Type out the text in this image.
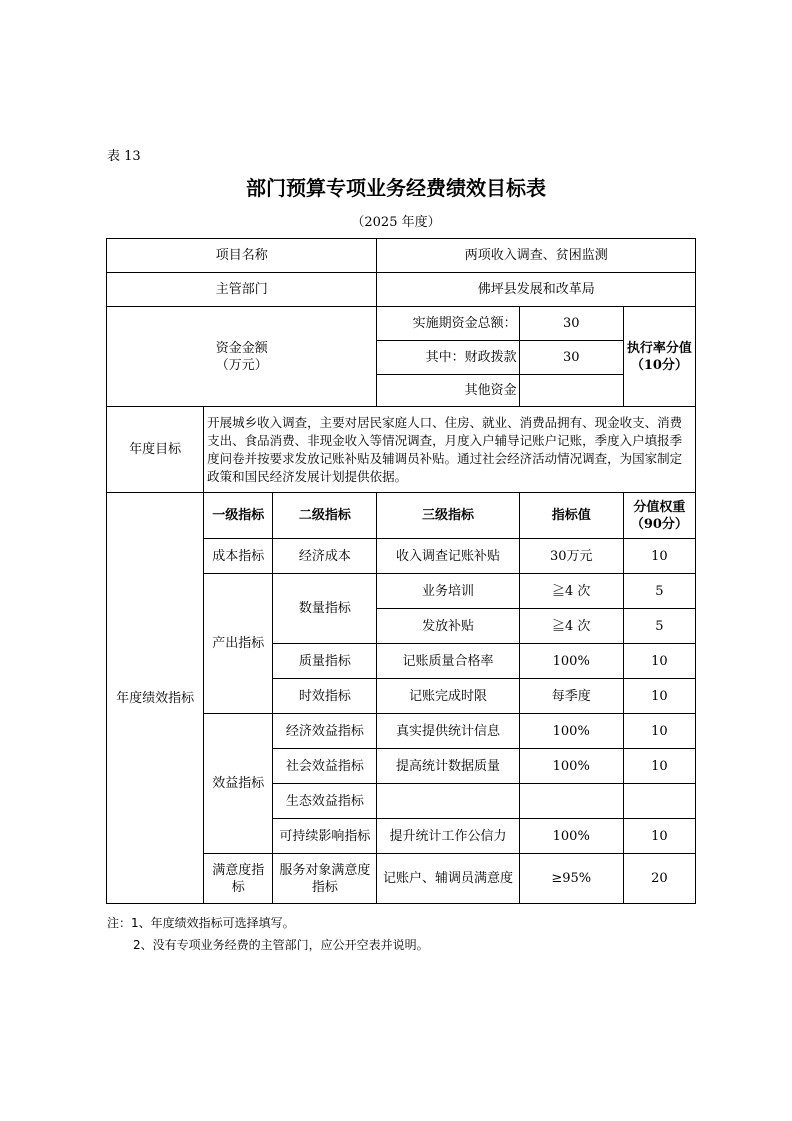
表 13
部门预算专项业务经费绩效目标表
（2025 年度）
项目名称			两项收入调查、贫困监测		
主管部门			佛坪县发展和改革局		
资金金额
（万元）			实施期资金总额：	30	执行率分值（10分）
			其中：财政拨款	30	
			其他资金		
年度目标	开展城乡收入调查，主要对居民家庭人口、住房、就业、消费品拥有、现金收支、消费支出、食品消费、非现金收入等情况调查，月度入户辅导记账户记账，季度入户填报季度问卷并按要求发放记账补贴及辅调员补贴。通过社会经济活动情况调查，为国家制定政策和国民经济发展计划提供依据。				
年度绩效指标	一级指标	二级指标	三级指标	指标值	分值权重（90分）
	成本指标	经济成本	收入调查记账补贴	30万元	10
	产出指标	数量指标	业务培训	≧4 次	5
			发放补贴	≧4 次	5
		质量指标	记账质量合格率	100%	10
		时效指标	记账完成时限	每季度	10
	效益指标	经济效益指标	真实提供统计信息	100%	10
		社会效益指标	提高统计数据质量	100%	10
		生态效益指标			
		可持续影响指标	提升统计工作公信力	100%	10
	满意度指标	服务对象满意度指标	记账户、辅调员满意度	≥95%	20
注：1、年度绩效指标可选择填写。
2、没有专项业务经费的主管部门，应公开空表并说明。
